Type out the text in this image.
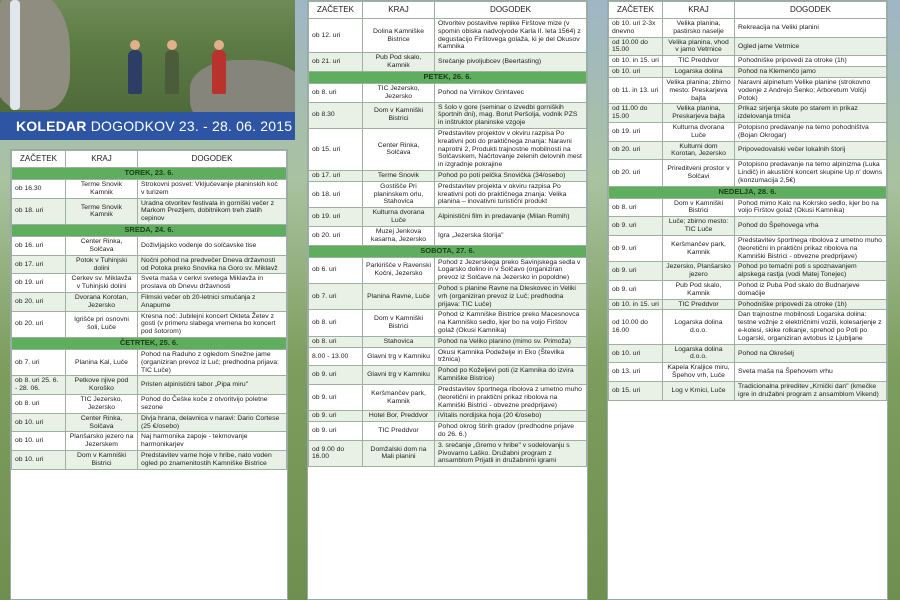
KOLEDAR DOGODKOV 23. - 28. 06. 2015
ZAČETEK	KRAJ	DOGODEK
TOREK, 23. 6.		
ob 16.30	Terme Snovik Kamnik	Strokovni posvet: Vključevanje planinskih koč v turizem
ob 18. uri	Terme Snovik Kamnik	Uradna otvoritev festivala in gorniški večer z Markom Prezljem, dobitnikom treh zlatih cepinov
SREDA, 24. 6.		
ob 16. uri	Center Rinka, Solčava	Doživljajsko vodenje do solčavske tise
ob 17. uri	Potok v Tuhinjski dolini	Nočni pohod na predvečer Dneva državnosti od Potoka preko Snovika na Goro sv. Miklavž
ob 19. uri	Cerkev sv. Miklavža v Tuhinjski dolini	Sveta maša v cerkvi svetega Miklavža in proslava ob Dnevu državnosti
ob 20. uri	Dvorana Korotan, Jezersko	Filmski večer ob 20-letnici smučanja z Anapurne
ob 20. uri	Igrišče pri osnovni šoli, Luče	Kresna noč: Jubilejni koncert Okteta Žetev z gosti (v primeru slabega vremena bo koncert pod šotorom)
ČETRTEK, 25. 6.		
ob 7. uri	Planina Kal, Luče	Pohod na Raduho z ogledom Snežne jame (organiziran prevoz iz Luč; predhodna prijava: TIC Luče)
ob 8. uri 25. 6. - 28. 06.	Petkove njive pod Koroško	Pristen alpinistični tabor „Pipa miru"
ob 8. uri	TIC Jezersko, Jezersko	Pohod do Češke koče z otvoritvijo poletne sezone
ob 10. uri	Center Rinka, Solčava	Divja hrana, delavnica v naravi: Dario Cortese (25 €/osebo)
ob 10. uri	Planšarsko jezero na Jezerskem	Naj harmonika zapoje - tekmovanje harmonikarjev
ob 10. uri	Dom v Kamniški Bistrici	Predstavitev varne hoje v hribe, nato voden ogled po znamenitostih Kamniške Bistrice
ZAČETEK	KRAJ	DOGODEK
ob 12. uri	Dolina Kamniške Bistrice	Otvoritev postavitve replike Firštove mize (v spomin obiska nadvojvode Karla II. leta 1564) z degustacijo Firštovega golaža, ki je del Okusov Kamnika
ob 21. uri	Pub Pod skalo, Kamnik	Srečanje pivoljubcev (Beertasting)
PETEK, 26. 6.		
ob 8. uri	TIC Jezersko, Jezersko	Pohod na Virnikov Grintavec
ob 8.30	Dom v Kamniški Bistrici	S šolo v gore (seminar o izvedbi gorniških športnih dni), mag. Borut Peršolja, vodnik PZS in inštruktor planinske vzgoje
ob 15. uri	Center Rinka, Solčava	Predstavitev projektov v okviru razpisa Po kreativni poti do praktičnega znanja: Naravni naprotni 2, Produkti trajnostne mobilnosti na Solčavskem, Načrtovanje zelenih delovnih mest in izgradnje pokrajine
ob 17. uri	Terme Snovik	Pohod po poti pelčka Snovička (34/osebo)
ob 18. uri	Gostišče Pri planinskem orlu, Stahovica	Predstavitev projekta v okviru razpisa Po kreativni poti do praktičnega znanja: Velika planina – inovativni turistični produkt
ob 19. uri	Kulturna dvorana Luče	Alpinistični film in predavanje (Milan Romih)
ob 20. uri	Muzej Jenkova kasarna, Jezersko	Igra „Jezerska štorija"
SOBOTA, 27. 6.		
ob 6. uri	Parkirišče v Ravenski Kočni, Jezersko	Pohod z Jezerskega preko Savinjskega sedla v Logarsko dolino in v Solčavo (organiziran prevoz iz Solčave na Jezersko in popoldne)
ob 7. uri	Planina Ravne, Luče	Pohod s planine Ravne na Dleskovec in Veliki vrh (organiziran prevoz iz Luč; predhodna prijava: TIC Luče)
ob 8. uri	Dom v Kamniški Bistrici	Pohod iz Kamniške Bistrice preko Macesnovca na Kamniško sedlo, kjer bo na voljo Firštov golaž (Okusi Kamnika)
ob 8. uri	Stahovica	Pohod na Veliko planino (mimo sv. Primoža)
8.00 - 13.00	Glavni trg v Kamniku	Okusi Kamnika Podeželje in Eko (Številka tržnica)
ob 9. uri	Glavni trg v Kamniku	Pohod po Koželjevi poti (iz Kamnika do izvira Kamniške Bistrice)
ob 9. uri	Keršmančev park, Kamnik	Predstavitev športnega ribolova z umetno muho (teoretični in praktični prikaz ribolova na Kamniški Bistrici - obvezne predprijave)
ob 9. uri	Hotel Bor, Preddvor	iVitalis nordijska hoja (20 €/osebo)
ob 9. uri	TIC Preddvor	Pohod okrog štirih gradov (predhodne prijave do 26. 6.)
od 9.00 do 16.00	Domžalski dom na Mali planini	3. srečanje „Gremo v hribe" v sodelovanju s Pivovarno Laško. Družabni program z ansamblom Prijatli in družabnimi igrami
ZAČETEK	KRAJ	DOGODEK
ob 10. uri 2-3x dnevno	Velika planina, pastirsko naselje	Rekreacija na Veliki planini
od 10.00 do 15.00	Velika planina, vhod v jamo Vetrnice	Ogled jame Vetrnice
ob 10. in 15. uri	TIC Preddvor	Pohodniške pripovedi za otroke (1h)
ob 10. uri	Logarska dolina	Pohod na Klemenčo jamo
ob 11. in 13. uri	Velika planina; zbirno mesto: Preskarjeva bajta	Naravni alpinetum Velike planine (strokovno vodenje z Andrejo Šenko; Arboretum Volčji Potok)
od 11.00 do 15.00	Velika planina, Preskarjeva bajta	Prikaz sirjenja skute po starem in prikaz izdelovanja trnića
ob 19. uri	Kulturna dvorana Luče	Potopisno predavanje na temo pohodništva (Bojan Okrogar)
ob 20. uri	Kulturni dom Korotan, Jezersko	Pripovedovalski večer lokalnih štorij
ob 20. uri	Prireditveni prostor v Solčavi	Potopisno predavanje na temo alpinizma (Luka Lindič) in akustični koncert skupine Up n' downs (konzumacija 2,5€)
NEDELJA, 28. 6.		
ob 8. uri	Dom v Kamniški Bistrici	Pohod mimo Kalc na Kokrsko sedlo, kjer bo na voljo Firštov golaž (Okusi Kamnika)
ob 9. uri	Luče; zbirno mesto: TIC Luče	Pohod do Špehovega vrha
ob 9. uri	Keršmančev park, Kamnik	Predstavitev športnega ribolova z umetno muho (teoretični in praktični prikaz ribolova na Kamniški Bistrici - obvezne predprijave)
ob 9. uri	Jezersko, Planšarsko jezero	Pohod po temačni poti s spoznavanjem alpskega rastja (vodi Matej Tonejec)
ob 9. uri	Pub Pod skalo, Kamnik	Pohod iz Puba Pod skalo do Budnarjeve domačije
ob 10. in 15. uri	TIC Preddvor	Pohodniške pripovedi za otroke (1h)
od 10.00 do 16.00	Logarska dolina d.o.o.	Dan trajnostne mobilnosti Logarska dolina: testne vožnje z električnimi vozili, kolesarjenje z e-kolesi, skike rolkanje, sprehod po Poti po Logarski, organiziran avtobus iz Ljubljane
ob 10. uri	Logarska dolina d.o.o.	Pohod na Okrešelj
ob 13. uri	Kapela Kraljice miru, Špehov vrh, Luče	Sveta maša na Špehovem vrhu
ob 15. uri	Log v Krnici, Luče	Tradicionalna prireditev „Krnički dan" (kmečke igre in družabni program z ansamblom Vikend)
